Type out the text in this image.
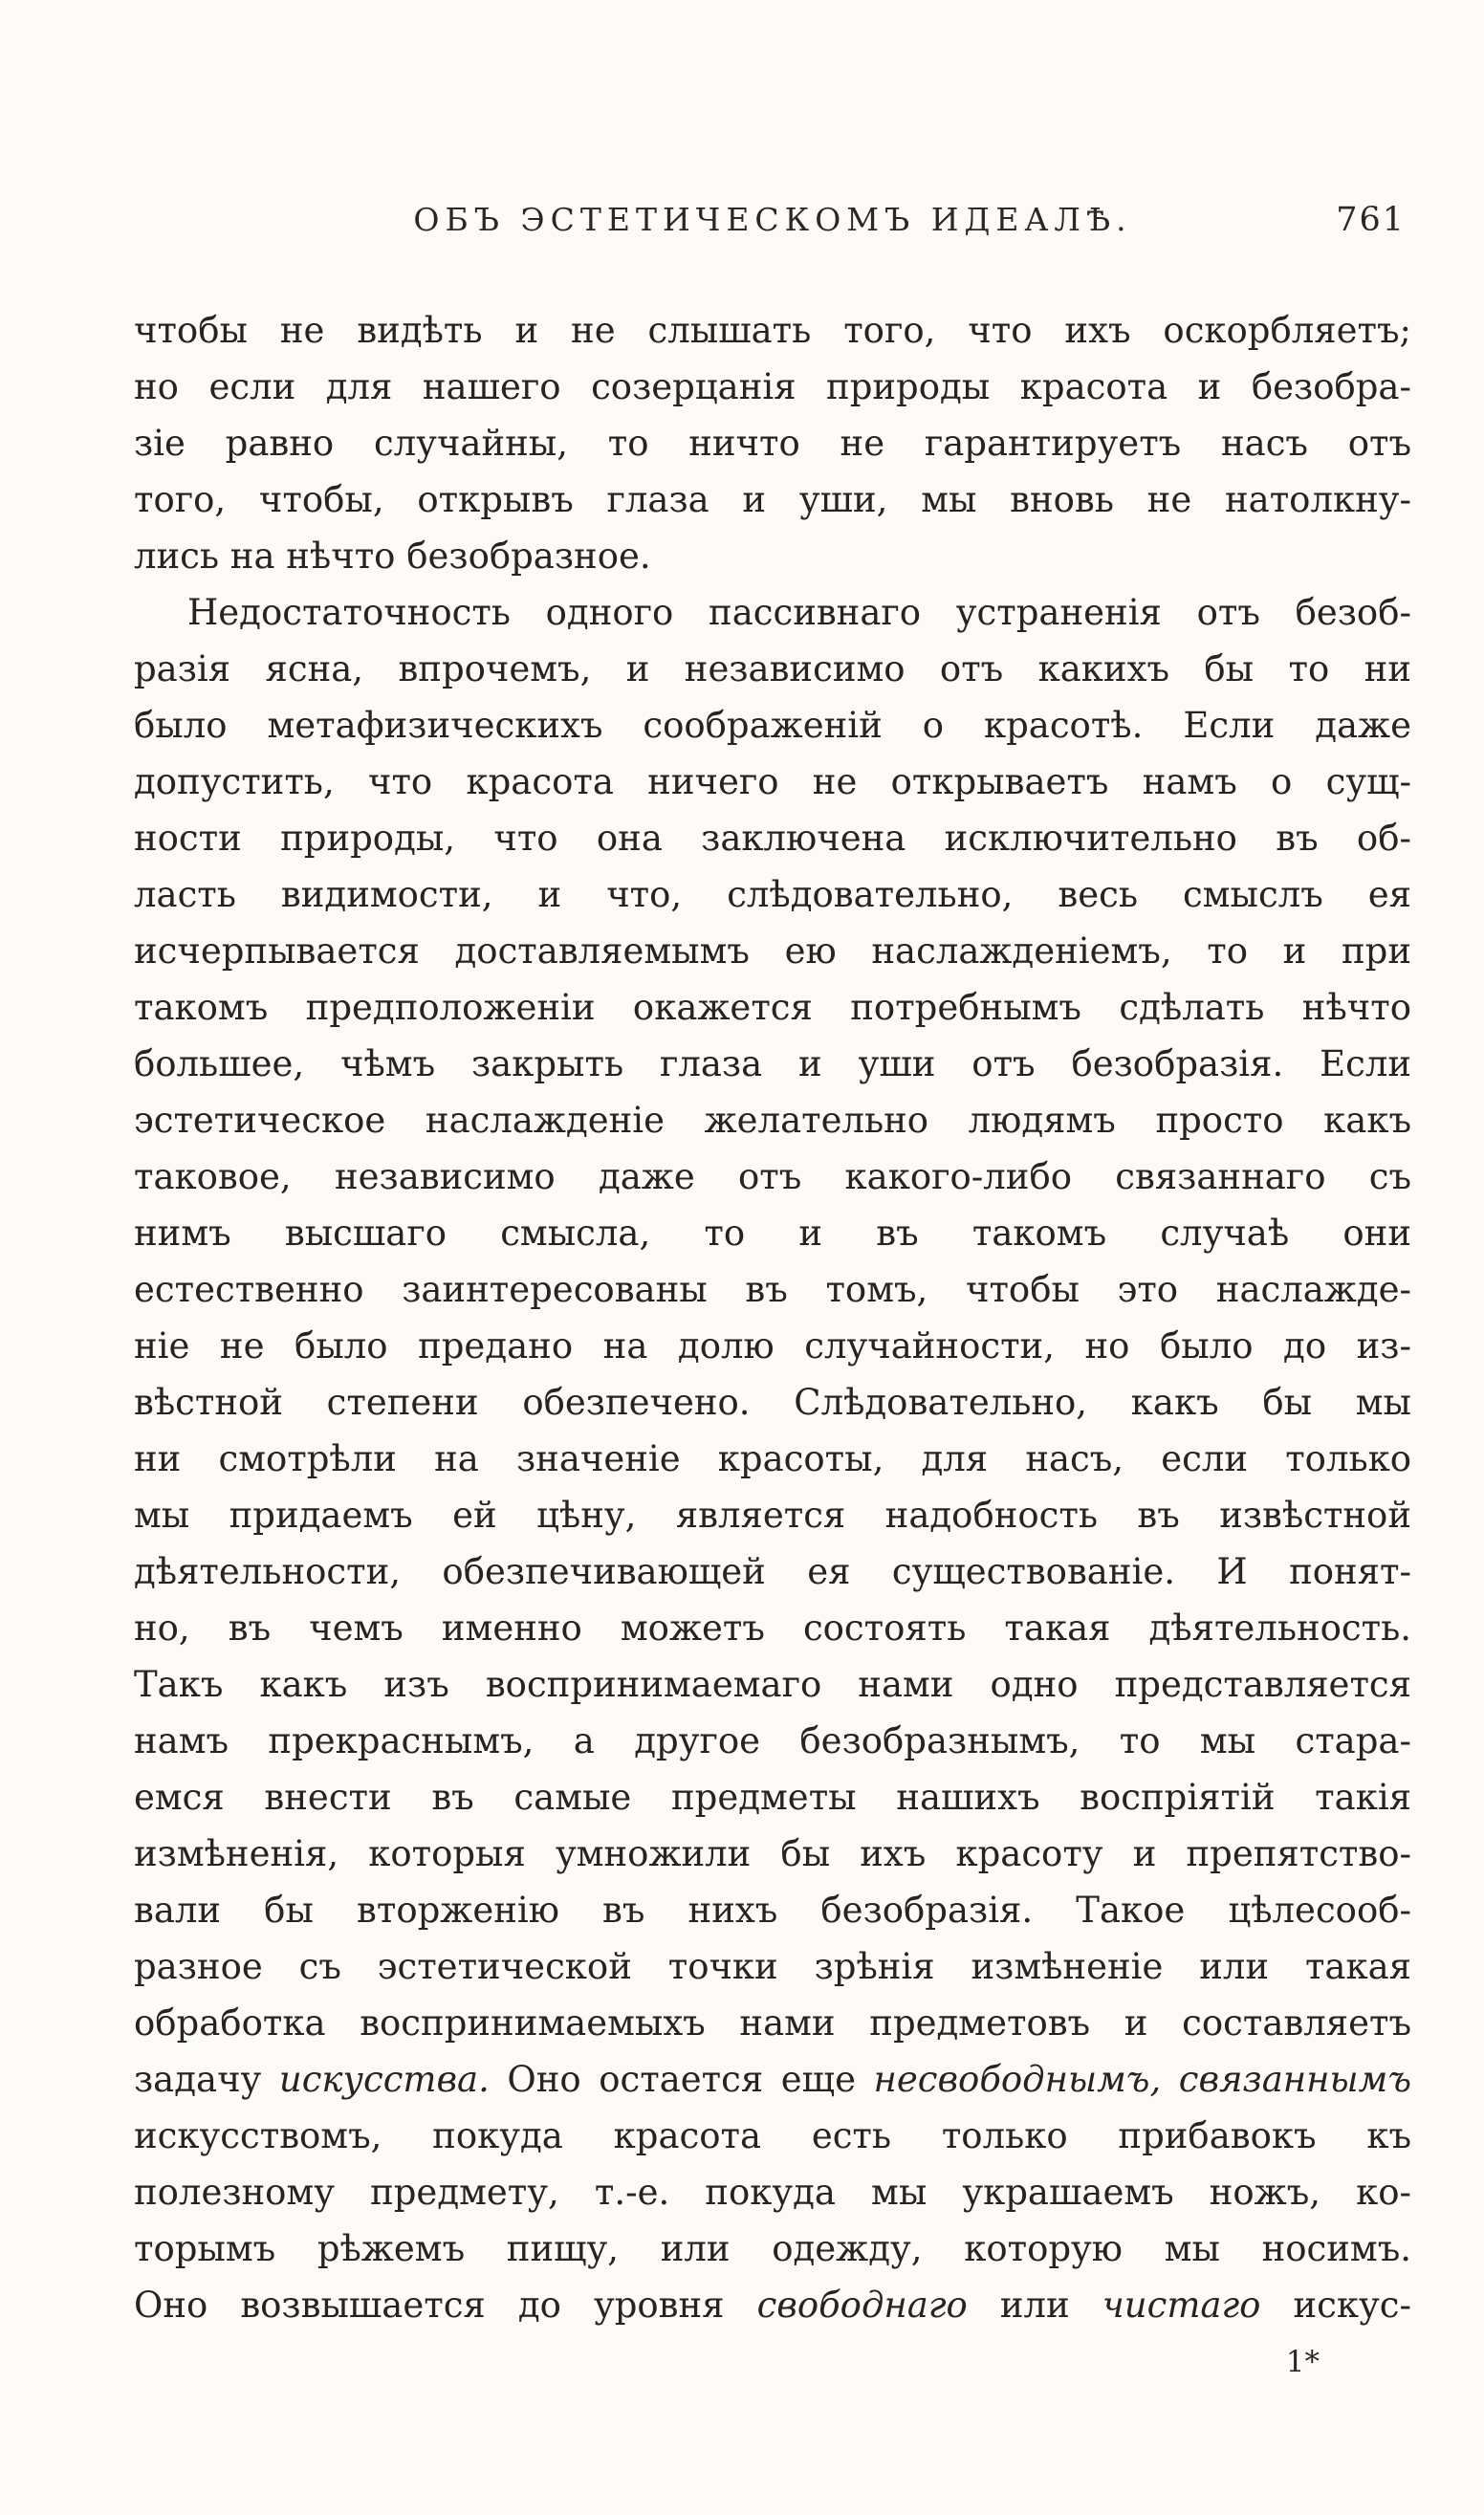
ОБЪ ЭСТЕТИЧЕСКОМЪ ИДЕАЛѢ.	761
чтобы не видѣть и не слышать того, что ихъ оскорбляетъ;
но если для нашего созерцанія природы красота и безобра-
зіе равно случайны, то ничто не гарантируетъ насъ отъ
того, чтобы, открывъ глаза и уши, мы вновь не натолкну-
лись на нѣчто безобразное.
Недостаточность одного пассивнаго устраненія отъ безоб-
разія ясна, впрочемъ, и независимо отъ какихъ бы то ни
было метафизическихъ соображеній о красотѣ. Если даже
допустить, что красота ничего не открываетъ намъ о сущ-
ности природы, что она заключена исключительно въ об-
ласть видимости, и что, слѣдовательно, весь смыслъ ея
исчерпывается доставляемымъ ею наслажденіемъ, то и при
такомъ предположеніи окажется потребнымъ сдѣлать нѣчто
большее, чѣмъ закрыть глаза и уши отъ безобразія. Если
эстетическое наслажденіе желательно людямъ просто какъ
таковое, независимо даже отъ какого-либо связаннаго съ
нимъ высшаго смысла, то и въ такомъ случаѣ они
естественно заинтересованы въ томъ, чтобы это наслажде-
ніе не было предано на долю случайности, но было до из-
вѣстной степени обезпечено. Слѣдовательно, какъ бы мы
ни смотрѣли на значеніе красоты, для насъ, если только
мы придаемъ ей цѣну, является надобность въ извѣстной
дѣятельности, обезпечивающей ея существованіе. И понят-
но, въ чемъ именно можетъ состоять такая дѣятельность.
Такъ какъ изъ воспринимаемаго нами одно представляется
намъ прекраснымъ, а другое безобразнымъ, то мы стара-
емся внести въ самые предметы нашихъ воспріятій такія
измѣненія, которыя умножили бы ихъ красоту и препятство-
вали бы вторженію въ нихъ безобразія. Такое цѣлесооб-
разное съ эстетической точки зрѣнія измѣненіе или такая
обработка воспринимаемыхъ нами предметовъ и составляетъ
задачу искусства. Оно остается еще несвободнымъ, связаннымъ
искусствомъ, покуда красота есть только прибавокъ къ
полезному предмету, т.-е. покуда мы украшаемъ ножъ, ко-
торымъ рѣжемъ пищу, или одежду, которую мы носимъ.
Оно возвышается до уровня свободнаго или чистаго искус-
1*
